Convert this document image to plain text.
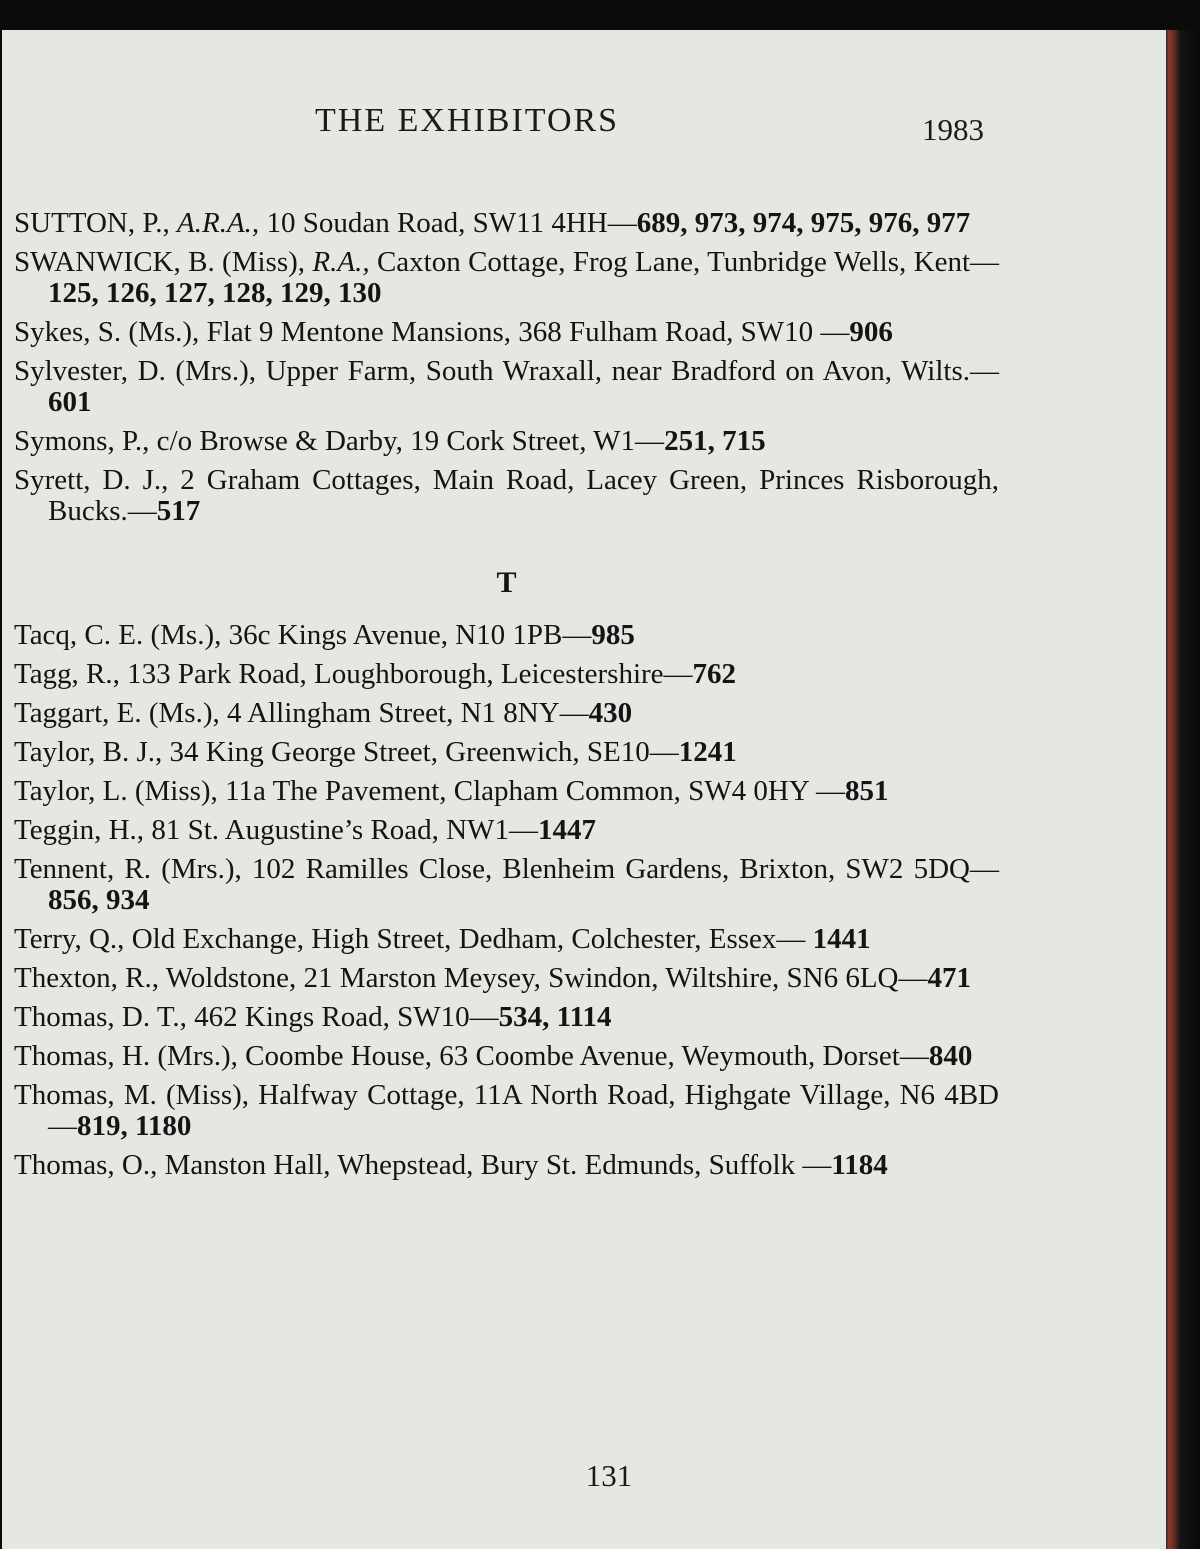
THE EXHIBITORS	1983

SUTTON, P., A.R.A., 10 Soudan Road, SW11 4HH—689, 973, 974, 975, 976, 977

SWANWICK, B. (Miss), R.A., Caxton Cottage, Frog Lane, Tunbridge Wells, Kent—125, 126, 127, 128, 129, 130

Sykes, S. (Ms.), Flat 9 Mentone Mansions, 368 Fulham Road, SW10 —906

Sylvester, D. (Mrs.), Upper Farm, South Wraxall, near Bradford on Avon, Wilts.—601

Symons, P., c/o Browse & Darby, 19 Cork Street, W1—251, 715

Syrett, D. J., 2 Graham Cottages, Main Road, Lacey Green, Princes Risborough, Bucks.—517

T

Tacq, C. E. (Ms.), 36c Kings Avenue, N10 1PB—985

Tagg, R., 133 Park Road, Loughborough, Leicestershire—762

Taggart, E. (Ms.), 4 Allingham Street, N1 8NY—430

Taylor, B. J., 34 King George Street, Greenwich, SE10—1241

Taylor, L. (Miss), 11a The Pavement, Clapham Common, SW4 0HY —851

Teggin, H., 81 St. Augustine’s Road, NW1—1447

Tennent, R. (Mrs.), 102 Ramilles Close, Blenheim Gardens, Brixton, SW2 5DQ—856, 934

Terry, Q., Old Exchange, High Street, Dedham, Colchester, Essex— 1441

Thexton, R., Woldstone, 21 Marston Meysey, Swindon, Wiltshire, SN6 6LQ—471

Thomas, D. T., 462 Kings Road, SW10—534, 1114

Thomas, H. (Mrs.), Coombe House, 63 Coombe Avenue, Weymouth, Dorset—840

Thomas, M. (Miss), Halfway Cottage, 11A North Road, Highgate Village, N6 4BD—819, 1180

Thomas, O., Manston Hall, Whepstead, Bury St. Edmunds, Suffolk —1184

131
